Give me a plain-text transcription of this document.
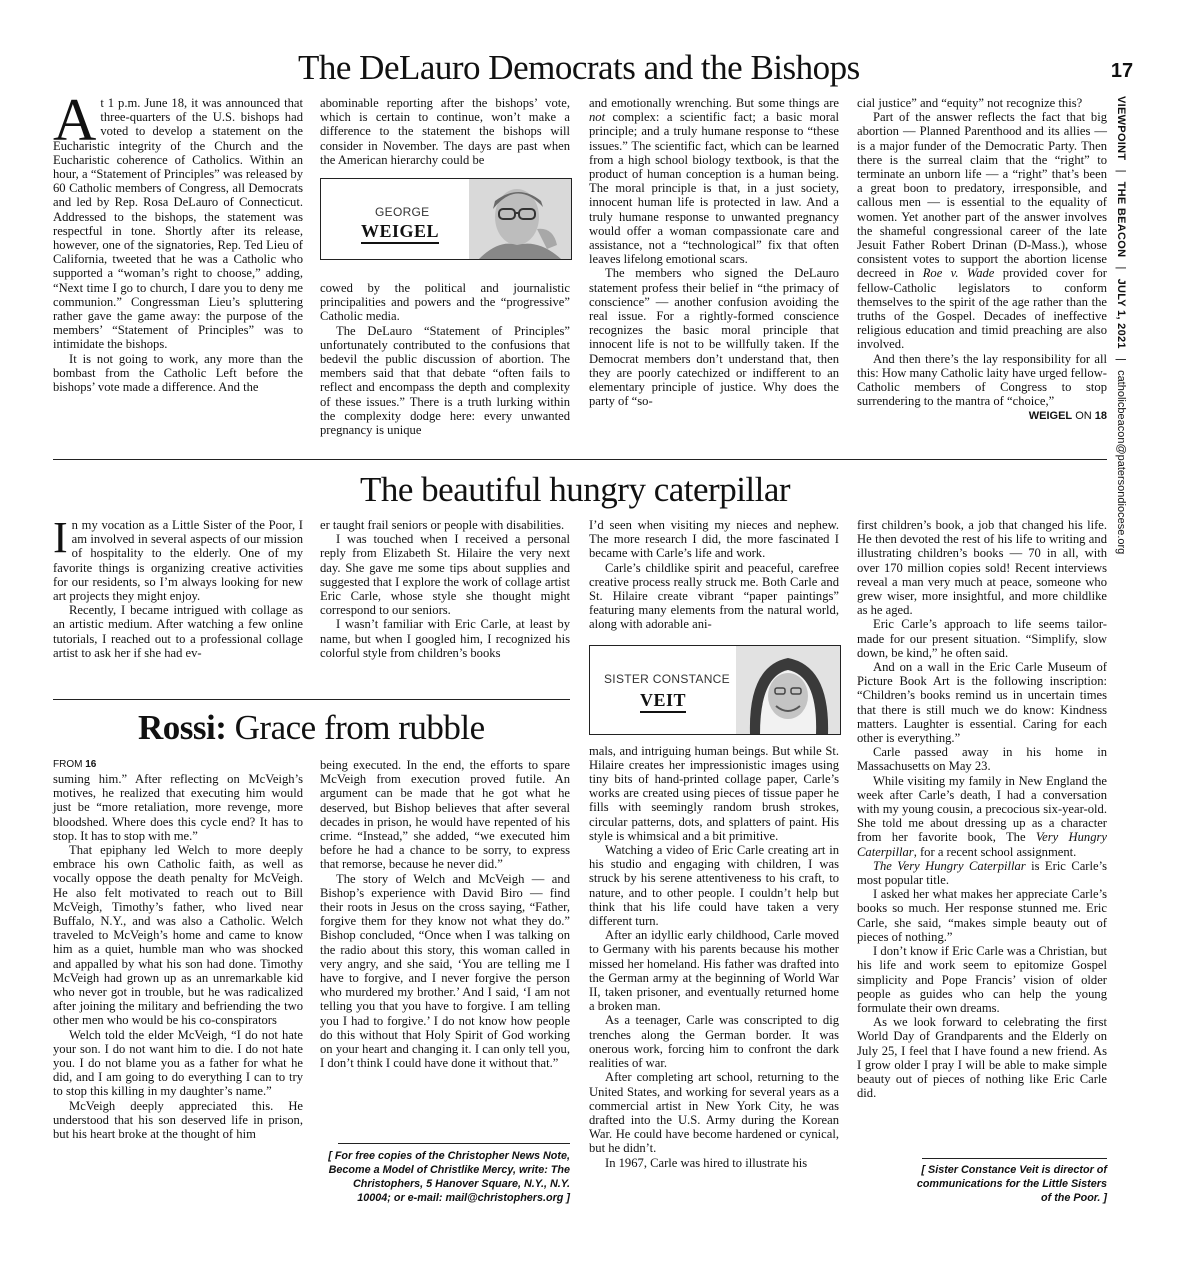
17
VIEWPOINT   |   THE BEACON   |   JULY 1, 2021   |   catholicbeacon@patersondiocese.org
The DeLauro Democrats and the Bishops

At 1 p.m. June 18, it was announced that three-quarters of the U.S. bishops had voted to develop a statement on the Eucharistic integrity of the Church and the Eucharistic coherence of Catholics. Within an hour, a “Statement of Principles” was released by 60 Catholic members of Congress, all Democrats and led by Rep. Rosa DeLauro of Connecticut. Addressed to the bishops, the statement was respectful in tone. Shortly after its release, however, one of the signatories, Rep. Ted Lieu of California, tweeted that he was a Catholic who supported a “woman’s right to choose,” adding, “Next time I go to church, I dare you to deny me communion.” Congressman Lieu’s spluttering rather gave the game away: the purpose of the members’ “Statement of Principles” was to intimidate the bishops.

It is not going to work, any more than the bombast from the Catholic Left before the bishops’ vote made a difference. And the

abominable reporting after the bishops’ vote, which is certain to continue, won’t make a difference to the statement the bishops will consider in November. The days are past when the American hierarchy could be

cowed by the political and journalistic principalities and powers and the “progressive” Catholic media.

The DeLauro “Statement of Principles” unfortunately contributed to the confusions that bedevil the public discussion of abortion. The members said that that debate “often fails to reflect and encompass the depth and complexity of these issues.” There is a truth lurking within the complexity dodge here: every unwanted pregnancy is unique

GEORGE
WEIGEL

and emotionally wrenching. But some things are not complex: a scientific fact; a basic moral principle; and a truly humane response to “these issues.” The scientific fact, which can be learned from a high school biology textbook, is that the product of human conception is a human being. The moral principle is that, in a just society, innocent human life is protected in law. And a truly humane response to unwanted pregnancy would offer a woman compassionate care and assistance, not a “technological” fix that often leaves lifelong emotional scars.

The members who signed the DeLauro statement profess their belief in “the primacy of conscience” — another confusion avoiding the real issue. For a rightly-formed conscience recognizes the basic moral principle that innocent life is not to be willfully taken. If the Democrat members don’t understand that, then they are poorly catechized or indifferent to an elementary principle of justice. Why does the party of “so-

cial justice” and “equity” not recognize this?

Part of the answer reflects the fact that big abortion — Planned Parenthood and its allies — is a major funder of the Democratic Party. Then there is the surreal claim that the “right” to terminate an unborn life — a “right” that’s been a great boon to predatory, irresponsible, and callous men — is essential to the equality of women. Yet another part of the answer involves the shameful congressional career of the late Jesuit Father Robert Drinan (D-Mass.), whose consistent votes to support the abortion license decreed in Roe v. Wade provided cover for fellow-Catholic legislators to conform themselves to the spirit of the age rather than the truths of the Gospel. Decades of ineffective religious education and timid preaching are also involved.

And then there’s the lay responsibility for all this: How many Catholic laity have urged fellow-Catholic members of Congress to stop surrendering to the mantra of “choice,”

WEIGEL ON 18
The beautiful hungry caterpillar

In my vocation as a Little Sister of the Poor, I am involved in several aspects of our mission of hospitality to the elderly. One of my favorite things is organizing creative activities for our residents, so I’m always looking for new art projects they might enjoy.

Recently, I became intrigued with collage as an artistic medium. After watching a few online tutorials, I reached out to a professional collage artist to ask her if she had ev-

er taught frail seniors or people with disabilities.

I was touched when I received a personal reply from Elizabeth St. Hilaire the very next day. She gave me some tips about supplies and suggested that I explore the work of collage artist Eric Carle, whose style she thought might correspond to our seniors.

I wasn’t familiar with Eric Carle, at least by name, but when I googled him, I recognized his colorful style from children’s books

I’d seen when visiting my nieces and nephew. The more research I did, the more fascinated I became with Carle’s life and work.

Carle’s childlike spirit and peaceful, carefree creative process really struck me. Both Carle and St. Hilaire create vibrant “paper paintings” featuring many elements from the natural world, along with adorable ani-

mals, and intriguing human beings. But while St. Hilaire creates her impressionistic images using tiny bits of hand-printed collage paper, Carle’s works are created using pieces of tissue paper he fills with seemingly random brush strokes, circular patterns, dots, and splatters of paint. His style is whimsical and a bit primitive.

Watching a video of Eric Carle creating art in his studio and engaging with children, I was struck by his serene attentiveness to his craft, to nature, and to other people. I couldn’t help but think that his life could have taken a very different turn.

After an idyllic early childhood, Carle moved to Germany with his parents because his mother missed her homeland. His father was drafted into the German army at the beginning of World War II, taken prisoner, and eventually returned home a broken man.

As a teenager, Carle was conscripted to dig trenches along the German border. It was onerous work, forcing him to confront the dark realities of war.

After completing art school, returning to the United States, and working for several years as a commercial artist in New York City, he was drafted into the U.S. Army during the Korean War. He could have become hardened or cynical, but he didn’t.

In 1967, Carle was hired to illustrate his

SISTER CONSTANCE
VEIT

first children’s book, a job that changed his life. He then devoted the rest of his life to writing and illustrating children’s books — 70 in all, with over 170 million copies sold! Recent interviews reveal a man very much at peace, someone who grew wiser, more insightful, and more childlike as he aged.

Eric Carle’s approach to life seems tailor-made for our present situation. “Simplify, slow down, be kind,” he often said.

And on a wall in the Eric Carle Museum of Picture Book Art is the following inscription: “Children’s books remind us in uncertain times that there is still much we do know: Kindness matters. Laughter is essential. Caring for each other is everything.”

Carle passed away in his home in Massachusetts on May 23.

While visiting my family in New England the week after Carle’s death, I had a conversation with my young cousin, a precocious six-year-old. She told me about dressing up as a character from her favorite book, The Very Hungry Caterpillar, for a recent school assignment.

The Very Hungry Caterpillar is Eric Carle’s most popular title.

I asked her what makes her appreciate Carle’s books so much. Her response stunned me. Eric Carle, she said, “makes simple beauty out of pieces of nothing.”

I don’t know if Eric Carle was a Christian, but his life and work seem to epitomize Gospel simplicity and Pope Francis’ vision of older people as guides who can help the young formulate their own dreams.

As we look forward to celebrating the first World Day of Grandparents and the Elderly on July 25, I feel that I have found a new friend. As I grow older I pray I will be able to make simple beauty out of pieces of nothing like Eric Carle did.

[ Sister Constance Veit is director of communications for the Little Sisters of the Poor. ]
Rossi: Grace from rubble
FROM 16

suming him.” After reflecting on McVeigh’s motives, he realized that executing him would just be “more retaliation, more revenge, more bloodshed. Where does this cycle end? It has to stop. It has to stop with me.”

That epiphany led Welch to more deeply embrace his own Catholic faith, as well as vocally oppose the death penalty for McVeigh. He also felt motivated to reach out to Bill McVeigh, Timothy’s father, who lived near Buffalo, N.Y., and was also a Catholic. Welch traveled to McVeigh’s home and came to know him as a quiet, humble man who was shocked and appalled by what his son had done. Timothy McVeigh had grown up as an unremarkable kid who never got in trouble, but he was radicalized after joining the military and befriending the two other men who would be his co-conspirators

Welch told the elder McVeigh, “I do not hate your son. I do not want him to die. I do not hate you. I do not blame you as a father for what he did, and I am going to do everything I can to try to stop this killing in my daughter’s name.”

McVeigh deeply appreciated this. He understood that his son deserved life in prison, but his heart broke at the thought of him

being executed. In the end, the efforts to spare McVeigh from execution proved futile. An argument can be made that he got what he deserved, but Bishop believes that after several decades in prison, he would have repented of his crime. “Instead,” she added, “we executed him before he had a chance to be sorry, to express that remorse, because he never did.”

The story of Welch and McVeigh — and Bishop’s experience with David Biro — find their roots in Jesus on the cross saying, “Father, forgive them for they know not what they do.” Bishop concluded, “Once when I was talking on the radio about this story, this woman called in very angry, and she said, ‘You are telling me I have to forgive, and I never forgive the person who murdered my brother.’ And I said, ‘I am not telling you that you have to forgive. I am telling you I had to forgive.’ I do not know how people do this without that Holy Spirit of God working on your heart and changing it. I can only tell you, I don’t think I could have done it without that.”

[ For free copies of the Christopher News Note, Become a Model of Christlike Mercy, write: The Christophers, 5 Hanover Square, N.Y., N.Y. 10004; or e-mail: mail@christophers.org ]
